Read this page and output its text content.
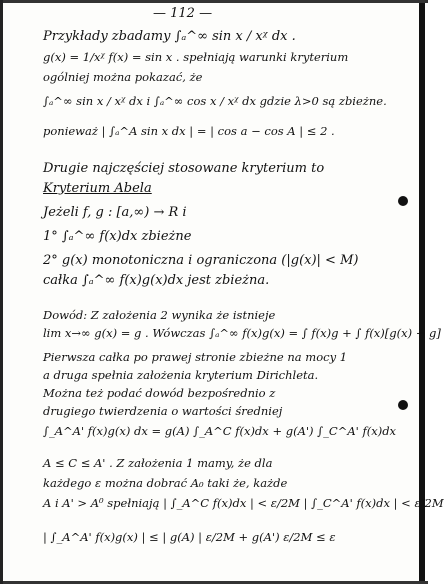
— 112 —
Przykłady zbadamy ∫ₐ^∞ sin x / xᵡ dx .
g(x) = 1/xᵡ f(x) = sin x . spełniają warunki kryterium
ogólniej można pokazać, że
∫ₐ^∞ sin x / xᵡ dx i ∫ₐ^∞ cos x / xᵡ dx gdzie λ>0 są zbieżne.
ponieważ | ∫ₐ^A sin x dx | = | cos a − cos A | ≤ 2 .
Drugie najczęściej stosowane kryterium to
Kryterium Abela
Jeżeli f, g : [a,∞) → R i
1° ∫ₐ^∞ f(x)dx zbieżne
2° g(x) monotoniczna i ograniczona (|g(x)| < M)
całka ∫ₐ^∞ f(x)g(x)dx jest zbieżna.
Dowód: Z założenia 2 wynika że istnieje
lim x→∞ g(x) = g . Wówczas ∫ₐ^∞ f(x)g(x) = ∫ f(x)g + ∫ f(x)[g(x) − g]
Pierwsza całka po prawej stronie zbieżne na mocy 1
a druga spełnia założenia kryterium Dirichleta.
Można też podać dowód bezpośrednio z
drugiego twierdzenia o wartości średniej
∫_A^A' f(x)g(x) dx = g(A) ∫_A^C f(x)dx + g(A') ∫_C^A' f(x)dx
A ≤ C ≤ A' . Z założenia 1 mamy, że dla
każdego ε można dobrać A₀ taki że, każde
A i A' > A⁰ spełniają | ∫_A^C f(x)dx | < ε/2M | ∫_C^A' f(x)dx | < ε/2M
| ∫_A^A' f(x)g(x) | ≤ | g(A) | ε/2M + g(A') ε/2M ≤ ε
